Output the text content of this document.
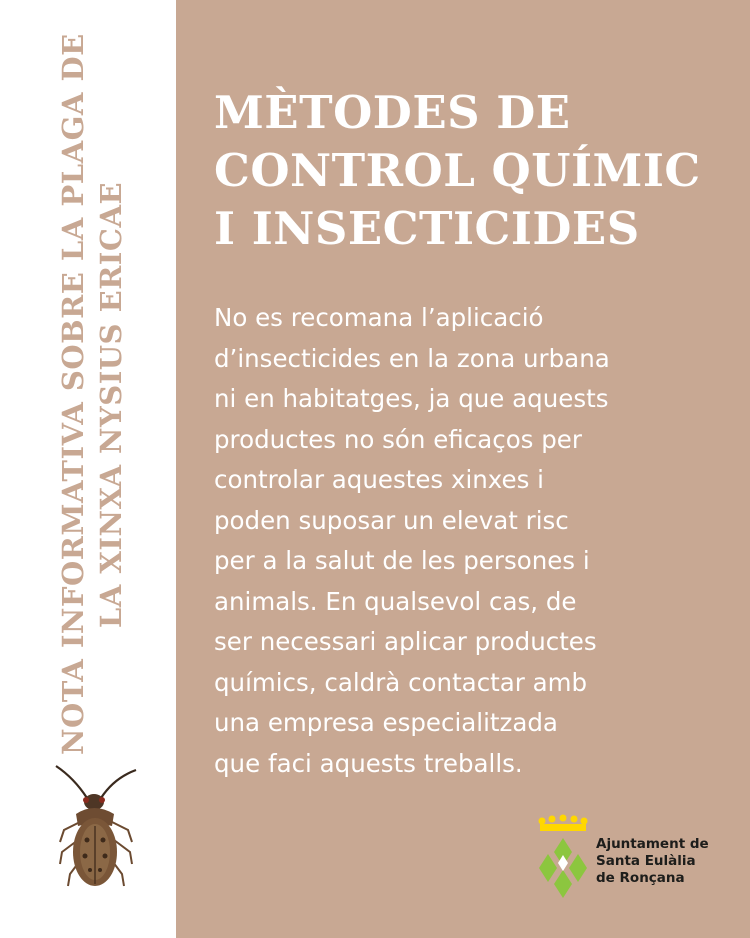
NOTA INFORMATIVA SOBRE LA PLAGA DE LA XINXA NYSIUS ERICAE
MÈTODES DE
CONTROL QUÍMIC
I INSECTICIDES
No es recomana l’aplicació
d’insecticides en la zona urbana
ni en habitatges, ja que aquests
productes no són eficaços per
controlar aquestes xinxes i
poden suposar un elevat risc
per a la salut de les persones i
animals. En qualsevol cas, de
ser necessari aplicar productes
químics, caldrà contactar amb
una empresa especialitzada
que faci aquests treballs.
Ajuntament de
Santa Eulàlia
de Ronçana
